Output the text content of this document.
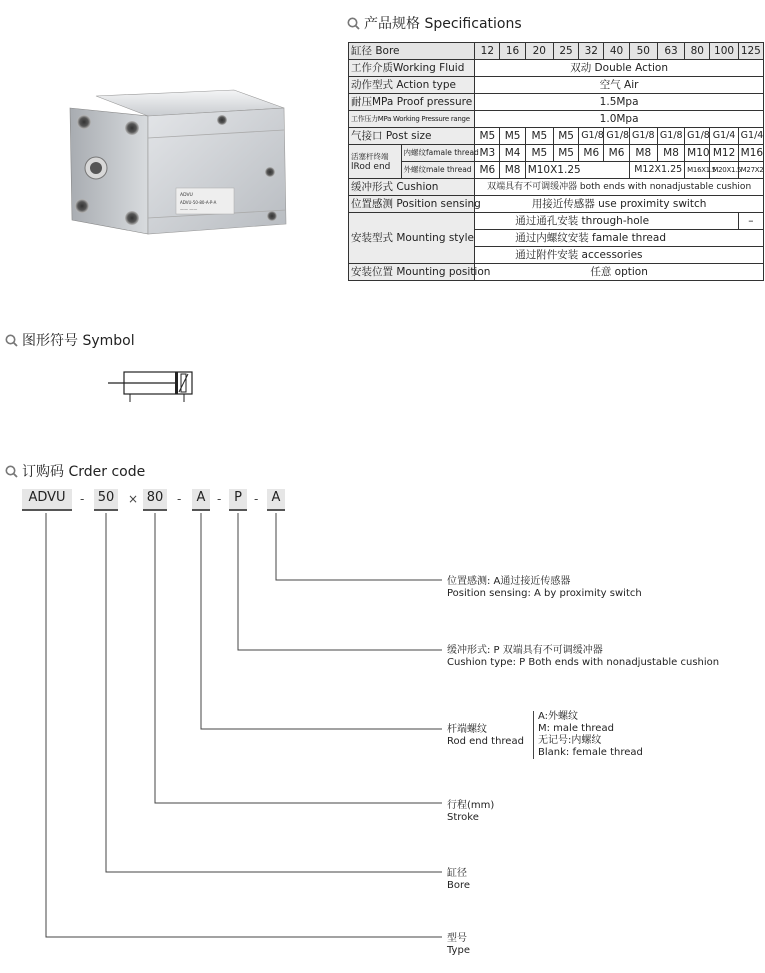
产品规格 Specifications
缸径 Bore		12	16	20	25	32	40	50	63	80	100	125
工作介质Working Fluid		双动 Double Action										
动作型式 Action type		空气 Air										
耐压MPa Proof pressure		1.5Mpa										
工作压力MPa Working Pressure range		1.0Mpa										
气接口 Post size		M5	M5	M5	M5	G1/8	G1/8	G1/8	G1/8	G1/8	G1/4	G1/4

活塞杆终端
lRod end	内螺纹famale thread	M3	M4	M5	M5	M6	M6	M8	M8	M10	M12	M16
	外螺纹male thread	M6	M8	M10X1.25				M12X1.25		M16X1.5	M20X1.5	M27X2
缓冲形式 Cushion		双端具有不可调缓冲器 both ends with nonadjustable cushion										
位置感测 Position sensing		用接近传感器 use proximity switch										
安装型式 Mounting style		通过通孔安装 through-hole										–
		通过内螺纹安装 famale thread										
		通过附件安装 accessories										
安装位置 Mounting position		任意 option										
ADVU
ADVU-50-80-A-P-A
—— ——
图形符号 Symbol
订购码 Crder code
ADVU	- 50	× 80	-	A - P	-	A
位置感测: A通过接近传感器
Position sensing: A by proximity switch
缓冲形式: P 双端具有不可调缓冲器
Cushion type: P Both ends with nonadjustable cushion
杆端螺纹
Rod end thread
A:外螺纹
M: male thread
无记号:内螺纹
Blank: female thread
行程(mm)
Stroke
缸径
Bore
型号
Type
